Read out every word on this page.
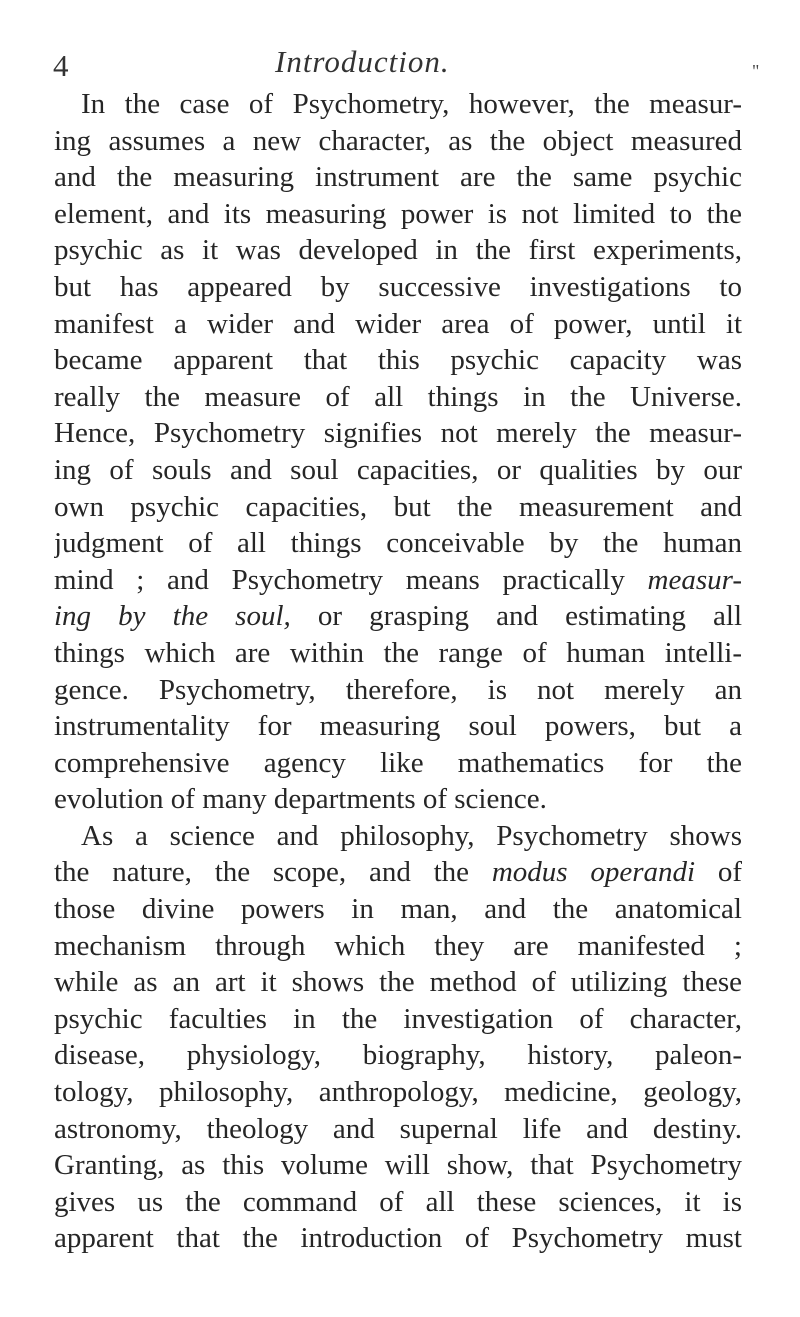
4	Introduction.	"
In the case of Psychometry, however, the measur-
ing assumes a new character, as the object measured
and the measuring instrument are the same psychic
element, and its measuring power is not limited to the
psychic as it was developed in the first experiments,
but has appeared by successive investigations to
manifest a wider and wider area of power, until it
became apparent that this psychic capacity was
really the measure of all things in the Universe.
Hence, Psychometry signifies not merely the measur-
ing of souls and soul capacities, or qualities by our
own psychic capacities, but the measurement and
judgment of all things conceivable by the human
mind ; and Psychometry means practically measur-
ing by the soul, or grasping and estimating all
things which are within the range of human intelli-
gence. Psychometry, therefore, is not merely an
instrumentality for measuring soul powers, but a
comprehensive agency like mathematics for the
evolution of many departments of science.
As a science and philosophy, Psychometry shows
the nature, the scope, and the modus operandi of
those divine powers in man, and the anatomical
mechanism through which they are manifested ;
while as an art it shows the method of utilizing these
psychic faculties in the investigation of character,
disease, physiology, biography, history, paleon-
tology, philosophy, anthropology, medicine, geology,
astronomy, theology and supernal life and destiny.
Granting, as this volume will show, that Psychometry
gives us the command of all these sciences, it is
apparent that the introduction of Psychometry must
